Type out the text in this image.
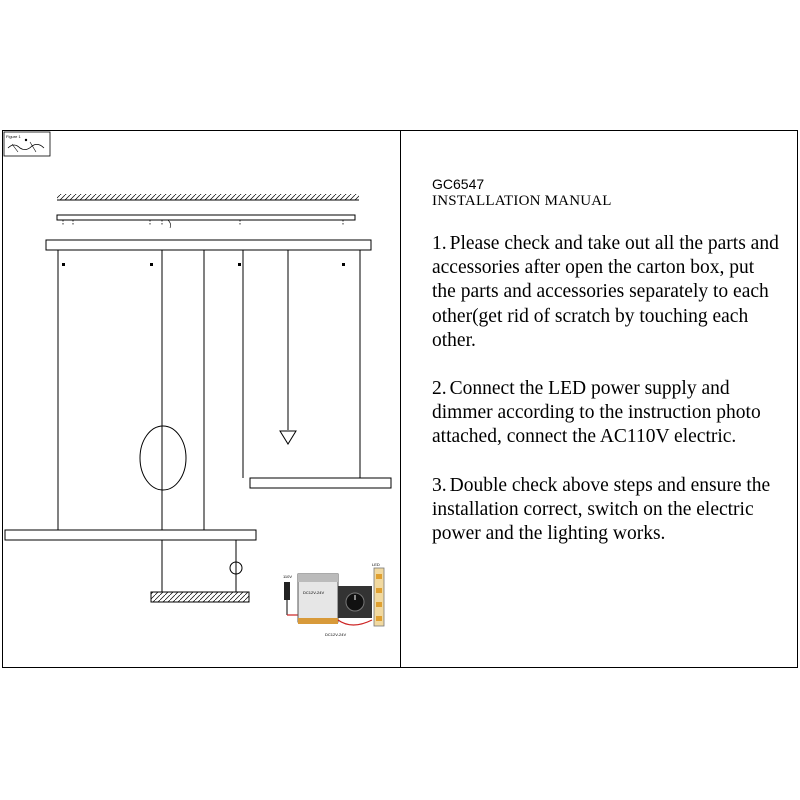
Figure 1
110V
DC12V-24V
LED
DC12V-24V
GC6547
INSTALLATION MANUAL
1. Please check and take out all the parts and accessories after open the carton box, put the parts and accessories separately to each other(get rid of scratch by touching each other.
2. Connect the LED power supply and dimmer according to the instruction photo attached, connect the AC110V electric.
3. Double check above steps and ensure the installation correct, switch on the electric power and the lighting works.
